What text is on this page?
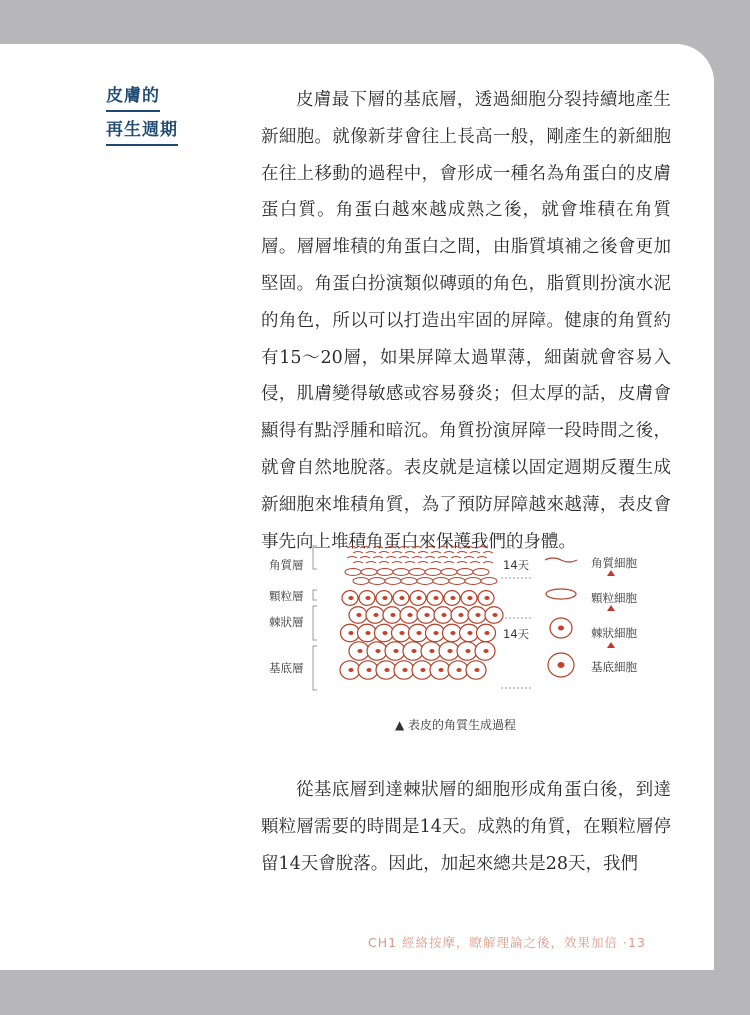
皮膚的
再生週期

皮膚最下層的基底層，透過細胞分裂持續地產生新細胞。就像新芽會往上長高一般，剛產生的新細胞在往上移動的過程中，會形成一種名為角蛋白的皮膚蛋白質。角蛋白越來越成熟之後，就會堆積在角質層。層層堆積的角蛋白之間，由脂質填補之後會更加堅固。角蛋白扮演類似磚頭的角色，脂質則扮演水泥的角色，所以可以打造出牢固的屏障。健康的角質約有15～20層，如果屏障太過單薄，細菌就會容易入侵，肌膚變得敏感或容易發炎；但太厚的話，皮膚會顯得有點浮腫和暗沉。角質扮演屏障一段時間之後，就會自然地脫落。表皮就是這樣以固定週期反覆生成新細胞來堆積角質，為了預防屏障越來越薄，表皮會事先向上堆積角蛋白來保護我們的身體。

角質層
顆粒層
棘狀層
基底層
14天
14天
角質細胞
顆粒細胞
棘狀細胞
基底細胞
▲ 表皮的角質生成過程

從基底層到達棘狀層的細胞形成角蛋白後，到達顆粒層需要的時間是14天。成熟的角質，在顆粒層停留14天會脫落。因此，加起來總共是28天，我們

CH1 經絡按摩，瞭解理論之後，效果加倍 ·13
